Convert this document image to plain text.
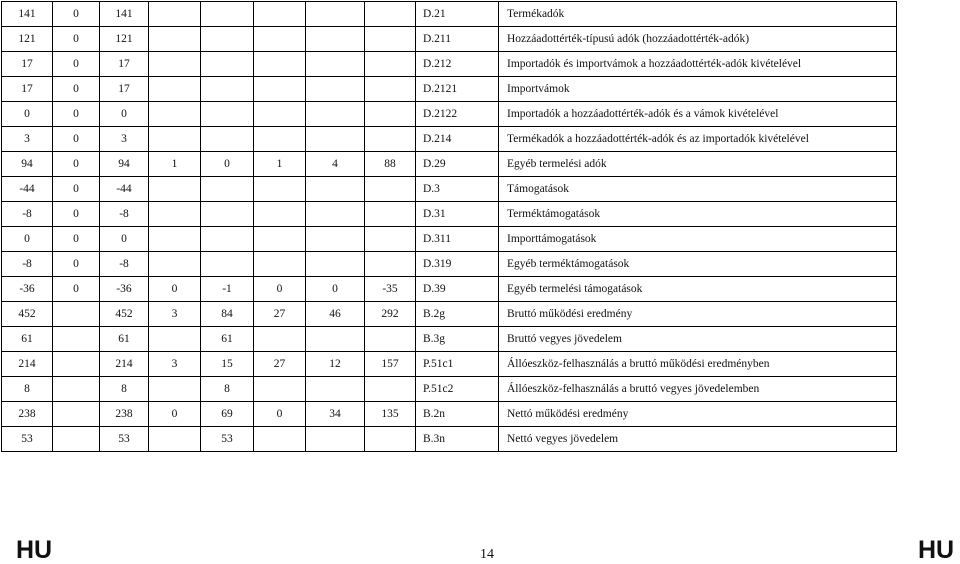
141	0	141						D.21	Termékadók
121	0	121						D.211	Hozzáadottérték-típusú adók (hozzáadottérték-adók)
17	0	17						D.212	Importadók és importvámok a hozzáadottérték-adók kivételével
17	0	17						D.2121	Importvámok
0	0	0						D.2122	Importadók a hozzáadottérték-adók és a vámok kivételével
3	0	3						D.214	Termékadók a hozzáadottérték-adók és az importadók kivételével
94	0	94	1	0	1	4	88	D.29	Egyéb termelési adók
-44	0	-44						D.3	Támogatások
-8	0	-8						D.31	Terméktámogatások
0	0	0						D.311	Importtámogatások
-8	0	-8						D.319	Egyéb terméktámogatások
-36	0	-36	0	-1	0	0	-35	D.39	Egyéb termelési támogatások
452		452	3	84	27	46	292	B.2g	Bruttó működési eredmény
61		61		61				B.3g	Bruttó vegyes jövedelem
214		214	3	15	27	12	157	P.51c1	Állóeszköz-felhasználás a bruttó működési eredményben
8		8		8				P.51c2	Állóeszköz-felhasználás a bruttó vegyes jövedelemben
238		238	0	69	0	34	135	B.2n	Nettó működési eredmény
53		53		53				B.3n	Nettó vegyes jövedelem
HU	14	HU
